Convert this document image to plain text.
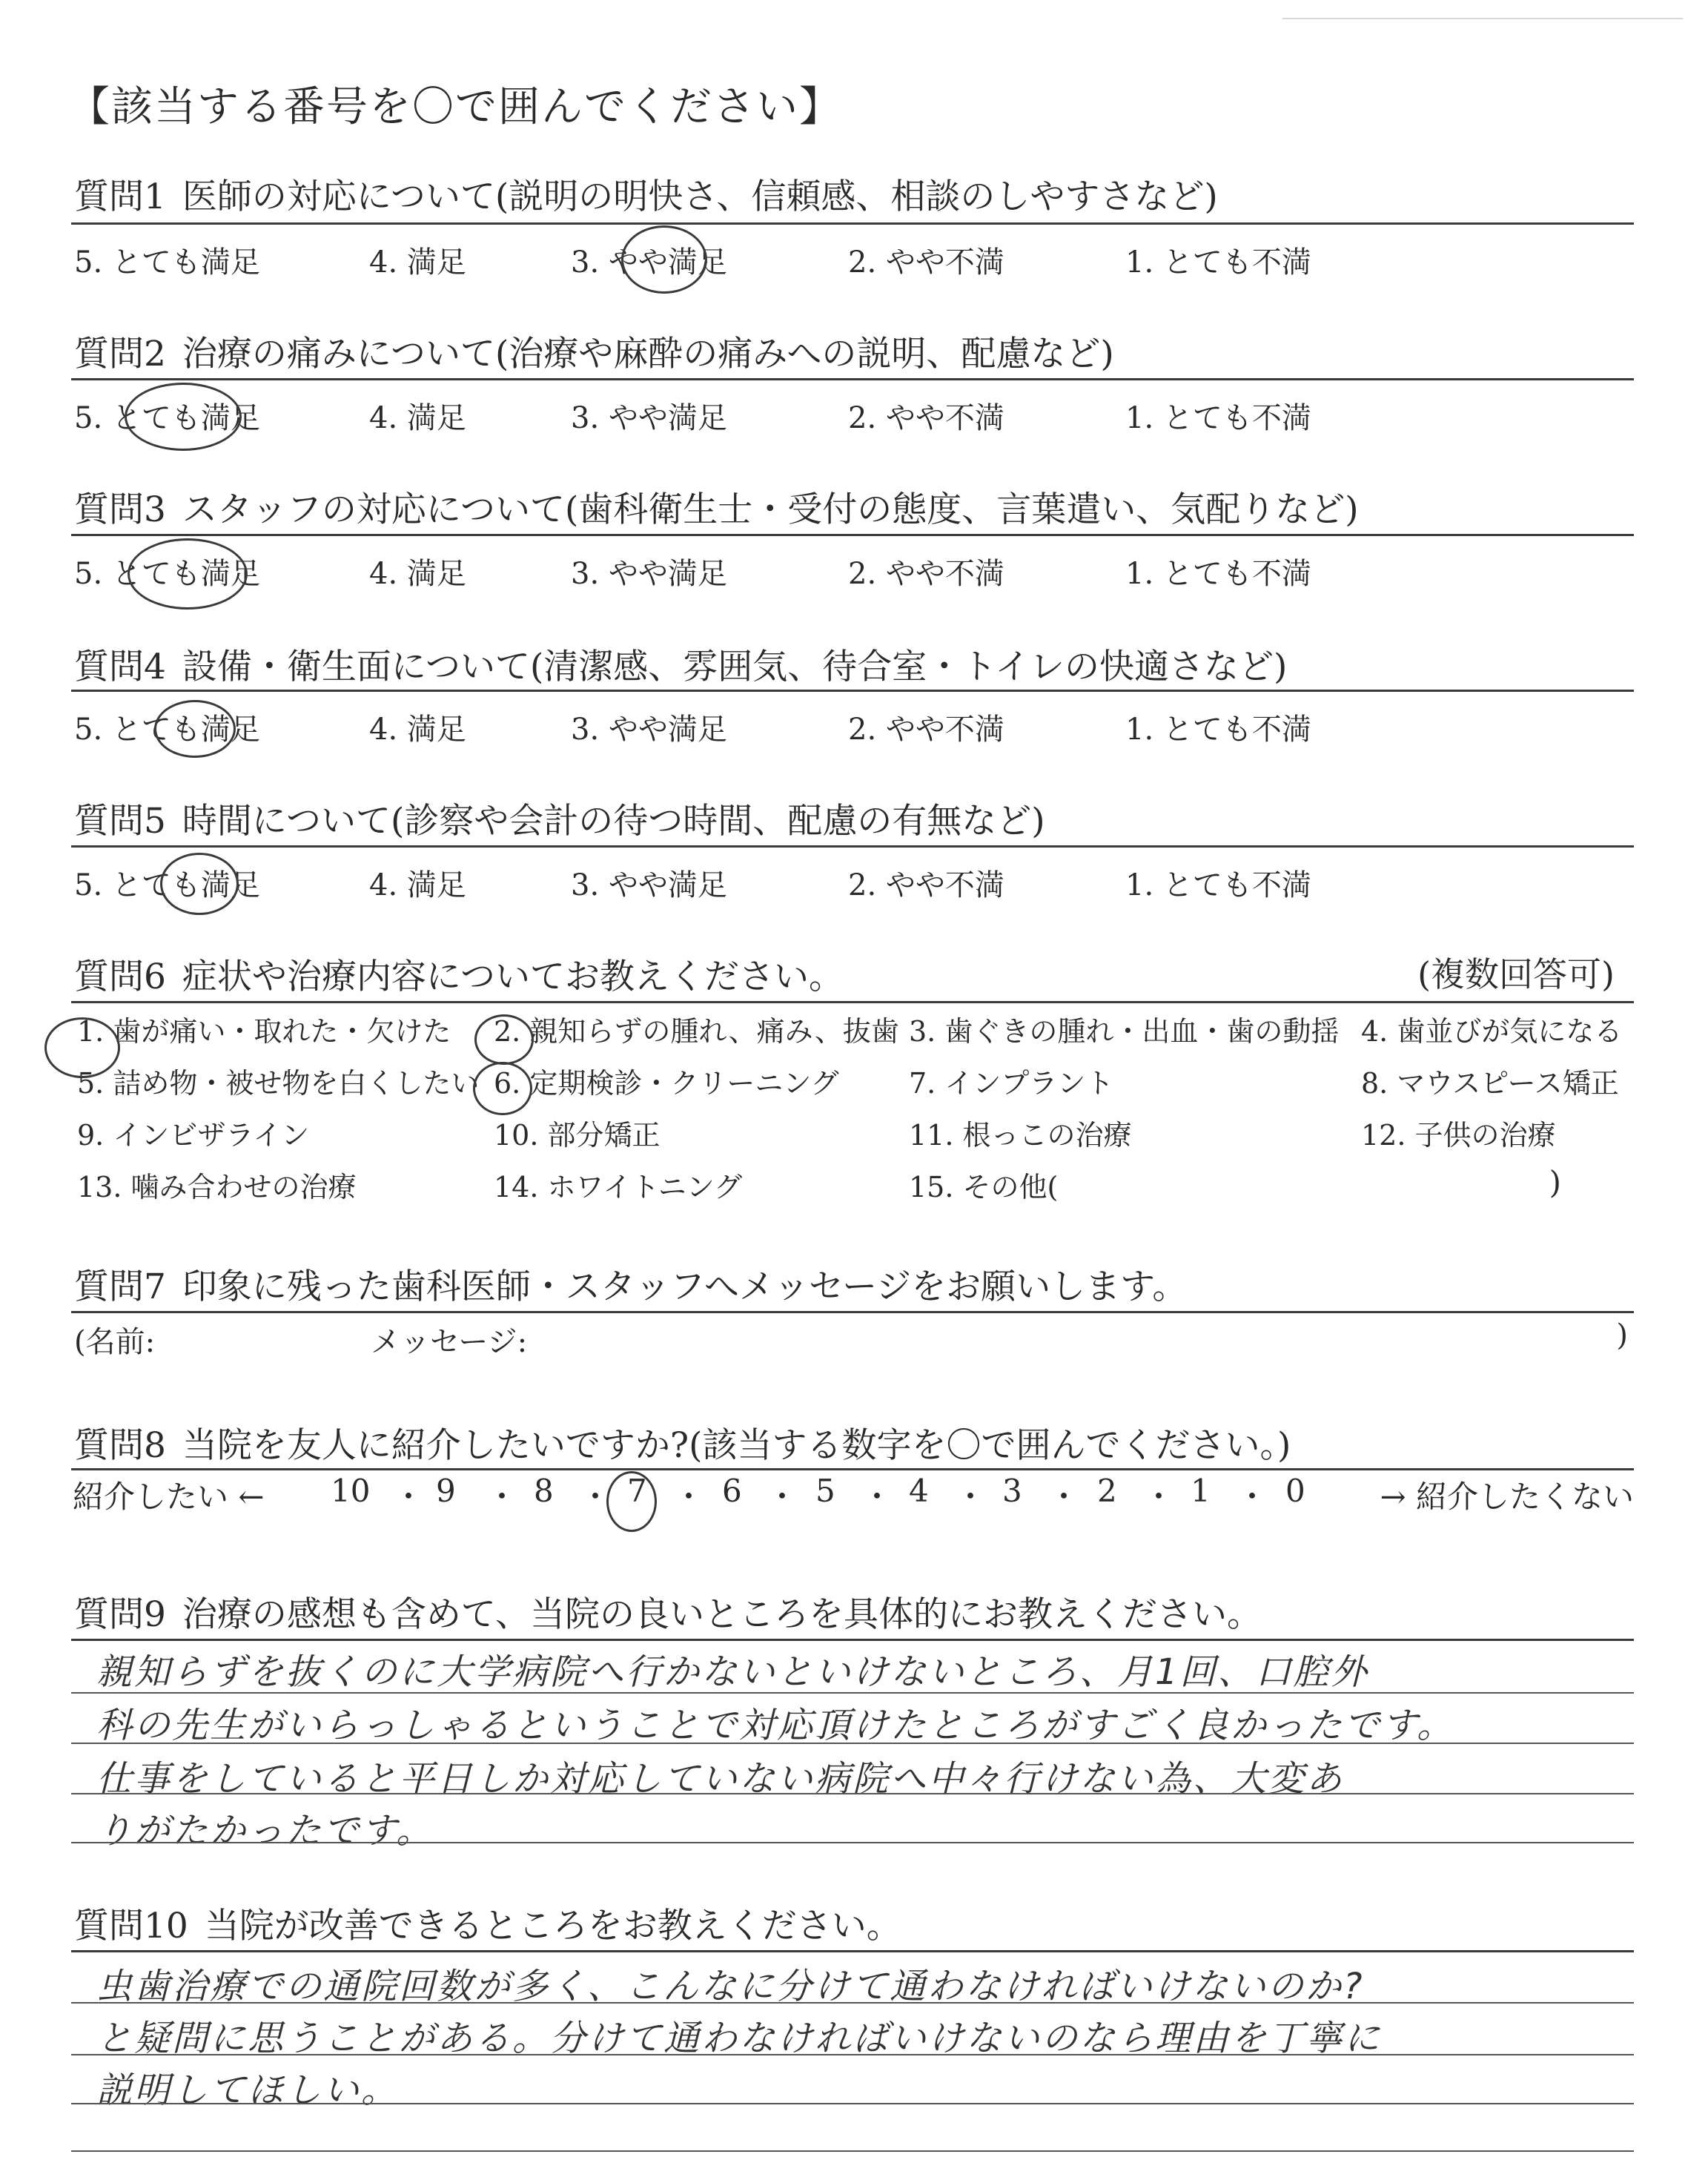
【該当する番号を〇で囲んでください】
質問1 医師の対応について(説明の明快さ、信頼感、相談のしやすさなど)
5. とても満足	4. 満足	3. やや満足	2. やや不満	1. とても不満
質問2 治療の痛みについて(治療や麻酔の痛みへの説明、配慮など)
5. とても満足	4. 満足	3. やや満足	2. やや不満	1. とても不満
質問3 スタッフの対応について(歯科衛生士・受付の態度、言葉遣い、気配りなど)
5. とても満足	4. 満足	3. やや満足	2. やや不満	1. とても不満
質問4 設備・衛生面について(清潔感、雰囲気、待合室・トイレの快適さなど)
5. とても満足	4. 満足	3. やや満足	2. やや不満	1. とても不満
質問5 時間について(診察や会計の待つ時間、配慮の有無など)
5. とても満足	4. 満足	3. やや満足	2. やや不満	1. とても不満
質問6 症状や治療内容についてお教えください。	(複数回答可)
1. 歯が痛い・取れた・欠けた 2. 親知らずの腫れ、痛み、抜歯 3. 歯ぐきの腫れ・出血・歯の動揺 4. 歯並びが気になる
5. 詰め物・被せ物を白くしたい 6. 定期検診・クリーニング 7. インプラント	8. マウスピース矯正
9. インビザライン	10. 部分矯正	11. 根っこの治療	12. 子供の治療
13. 噛み合わせの治療	14. ホワイトニング	15. その他(	)
質問7 印象に残った歯科医師・スタッフへメッセージをお願いします。
(名前:	メッセージ:	)
質問8 当院を友人に紹介したいですか?(該当する数字を〇で囲んでください。)
紹介したい ← 10 ・ 9 ・ 8 ・ 7 ・ 6 ・ 5 ・ 4 ・ 3 ・ 2 ・ 1 ・ 0 → 紹介したくない
質問9 治療の感想も含めて、当院の良いところを具体的にお教えください。
親知らずを抜くのに大学病院へ行かないといけないところ、月1回、口腔外
科の先生がいらっしゃるということで対応頂けたところがすごく良かったです。
仕事をしていると平日しか対応していない病院へ中々行けない為、大変あ
りがたかったです。
質問10 当院が改善できるところをお教えください。
虫歯治療での通院回数が多く、こんなに分けて通わなければいけないのか?
と疑問に思うことがある。分けて通わなければいけないのなら理由を丁寧に
説明してほしい。
